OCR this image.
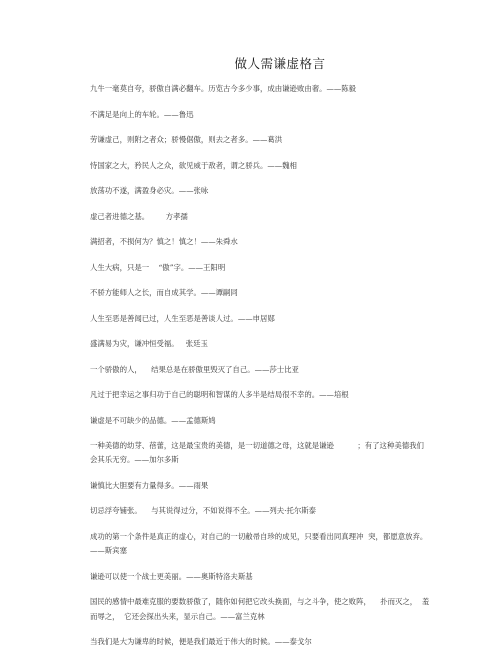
做人需谦虚格言

九牛一毫莫自夸，骄傲自满必翻车。历览古今多少事，成由谦逊败由奢。——陈毅

不满足是向上的车轮。——鲁迅

劳谦虚己，则附之者众；骄慢倨傲，则去之者多。——葛洪

恃国家之大，矜民人之众，欲见威于敌者，谓之骄兵。——魏相

放荡功不遂，满盈身必灾。——张咏

虚己者进德之基。       方孝孺

满招者，不损何为？慎之！慎之！——朱舜水

人生大病，只是一    “傲”字。——王阳明

不骄方能师人之长，而自成其学。——谭嗣同

人生至恶是善闻已过，人生至恶是善谈人过。——申居郧

盛满易为灾，谦冲恒受福。   张廷玉

一个骄傲的人，    结果总是在骄傲里毁灭了自己。——莎士比亚

凡过于把幸运之事归功于自己的聪明和智谋的人多半是结局很不幸的。——培根

谦虚是不可缺少的品德。——孟德斯鸠

一种美德的幼芽、蓓蕾，这是最宝贵的美德，是一切道德之母，这就是谦逊          ；有了这种美德我们会其乐无穷。——加尔多斯

谦慎比大胆要有力量得多。——雨果

切忌浮夸铺张。    与其说得过分，不如说得不全。——列夫·托尔斯泰

成功的第一个条件是真正的虚心，对自己的一切敝帚自珍的成见，只要看出同真理冲  突，都愿意放弃。——斯宾塞

谦逊可以使一个战士更美丽。——奥斯特洛夫斯基

国民的感情中最难克服的要数骄傲了，随你如何把它改头换面，与之斗争，使之败阵，    扑而灭之，  羞而辱之，  它还会探出头来，显示自己。——富兰克林

当我们是大为谦卑的时候，便是我们最近于伟大的时候。——泰戈尔
